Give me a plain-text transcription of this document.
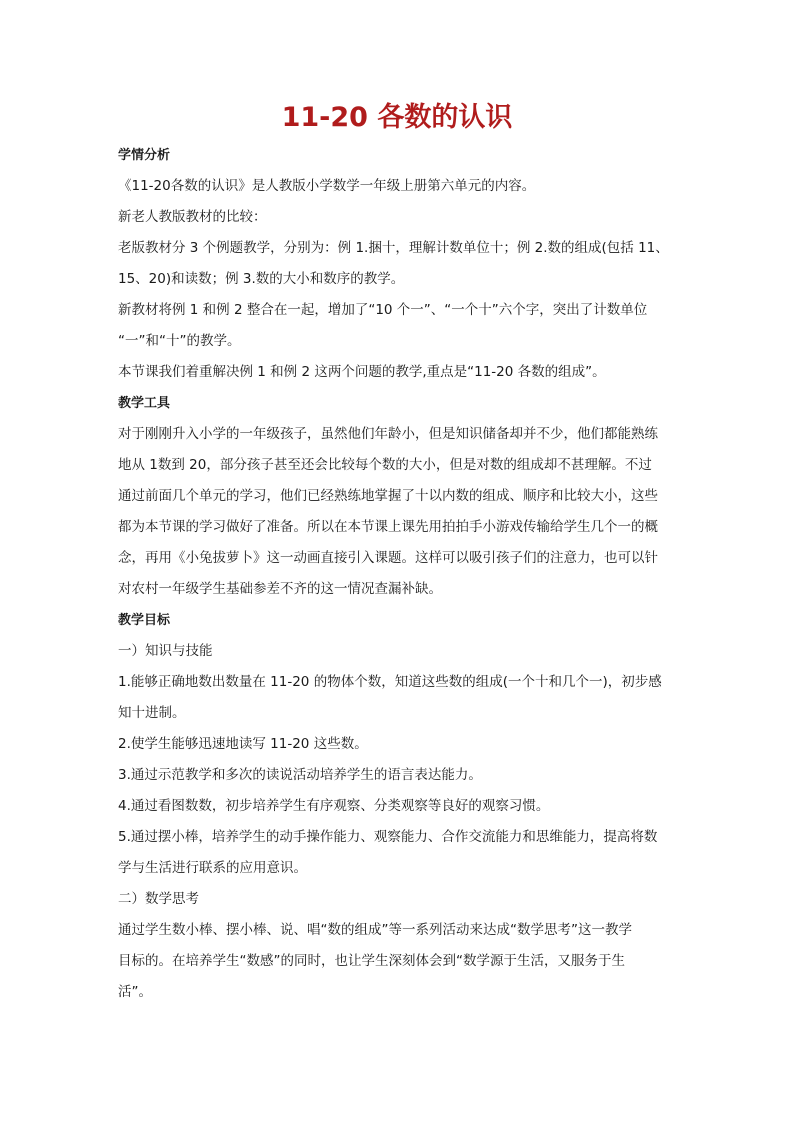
11-20 各数的认识
学情分析
《11-20各数的认识》是人教版小学数学一年级上册第六单元的内容。
新老人教版教材的比较：
老版教材分 3 个例题教学，分别为：例 1.捆十，理解计数单位十；例 2.数的组成(包括 11、
15、20)和读数；例 3.数的大小和数序的教学。
新教材将例 1 和例 2 整合在一起，增加了“10 个一”、“一个十”六个字，突出了计数单位
“一”和“十”的教学。
本节课我们着重解决例 1 和例 2 这两个问题的教学,重点是“11-20 各数的组成”。
教学工具
对于刚刚升入小学的一年级孩子，虽然他们年龄小，但是知识储备却并不少，他们都能熟练
地从 1数到 20，部分孩子甚至还会比较每个数的大小，但是对数的组成却不甚理解。不过
通过前面几个单元的学习，他们已经熟练地掌握了十以内数的组成、顺序和比较大小，这些
都为本节课的学习做好了准备。所以在本节课上课先用拍拍手小游戏传输给学生几个一的概
念，再用《小兔拔萝卜》这一动画直接引入课题。这样可以吸引孩子们的注意力，也可以针
对农村一年级学生基础参差不齐的这一情况查漏补缺。
教学目标
一）知识与技能
1.能够正确地数出数量在 11-20 的物体个数，知道这些数的组成(一个十和几个一)，初步感
知十进制。
2.使学生能够迅速地读写 11-20 这些数。
3.通过示范教学和多次的读说活动培养学生的语言表达能力。
4.通过看图数数，初步培养学生有序观察、分类观察等良好的观察习惯。
5.通过摆小棒，培养学生的动手操作能力、观察能力、合作交流能力和思维能力，提高将数
学与生活进行联系的应用意识。
二）数学思考
通过学生数小棒、摆小棒、说、唱“数的组成”等一系列活动来达成“数学思考”这一教学
目标的。在培养学生“数感”的同时，也让学生深刻体会到“数学源于生活，又服务于生
活”。
